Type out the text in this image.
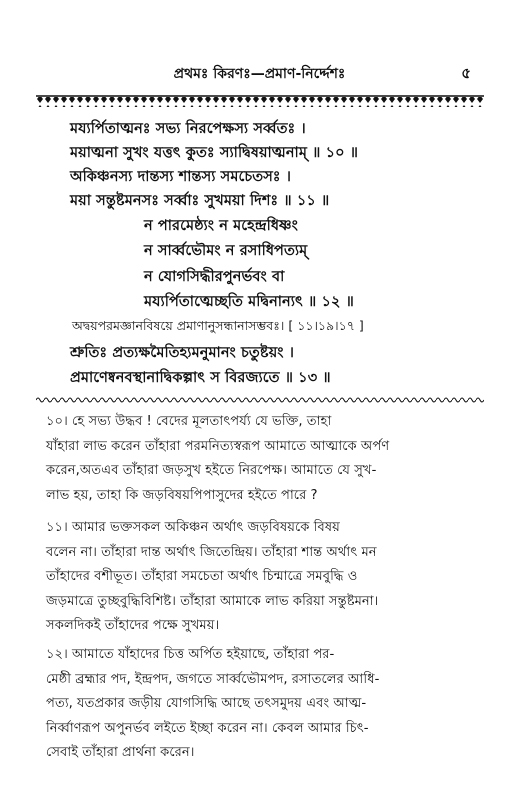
প্রথমঃ কিরণঃ—প্রমাণ-নির্দ্দেশঃ	৫

ময্যর্পিতাত্মনঃ সভ্য নিরপেক্ষস্য সর্ব্বতঃ ।

ময়াত্মনা সুখং যত্তৎ কুতঃ স্যাদ্বিষয়াত্মনাম্ ॥ ১০ ॥

অকিঞ্চনস্য দান্তস্য শান্তস্য সমচেতসঃ ।

ময়া সন্তুষ্টমনসঃ সর্ব্বাঃ সুখময়া দিশঃ ॥ ১১ ॥

ন পারমেষ্ঠ্যং ন মহেন্দ্রধিষ্ণং

ন সার্ব্বভৌমং ন রসাধিপত্যম্

ন যোগসিদ্ধীরপুনর্ভবং বা

ময্যর্পিতাত্মেচ্ছতি মদ্বিনান্যৎ ॥ ১২ ॥

অদ্বয়পরমজ্ঞানবিষয়ে প্রমাণানুসন্ধানাসম্ভবঃ। [ ১১।১৯।১৭ ]

শ্রুতিঃ প্রত্যক্ষমৈতিহ্যমনুমানং চতুষ্টয়ং ।

প্রমাণেষ্বনবস্থানাদ্বিকল্পাৎ স বিরজ্যতে ॥ ১৩ ॥

১০। হে সভ্য উদ্ধব ! বেদের মূলতাৎপর্য্য যে ভক্তি, তাহা
যাঁহারা লাভ করেন তাঁহারা পরমনিত্যস্বরূপ আমাতে আত্মাকে অর্পণ
করেন,অতএব তাঁহারা জড়সুখ হইতে নিরপেক্ষ। আমাতে যে সুখ-
লাভ হয়, তাহা কি জড়বিষয়পিপাসুদের হইতে পারে ?
১১। আমার ভক্তসকল অকিঞ্চন অর্থাৎ জড়বিষয়কে বিষয়
বলেন না। তাঁহারা দান্ত অর্থাৎ জিতেন্দ্রিয়। তাঁহারা শান্ত অর্থাৎ মন
তাঁহাদের বশীভূত। তাঁহারা সমচেতা অর্থাৎ চিন্মাত্রে সমবুদ্ধি ও
জড়মাত্রে তুচ্ছবুদ্ধিবিশিষ্ট। তাঁহারা আমাকে লাভ করিয়া সন্তুষ্টমনা।
সকলদিকই তাঁহাদের পক্ষে সুখময়।
১২। আমাতে যাঁহাদের চিত্ত অর্পিত হইয়াছে, তাঁহারা পর-
মেষ্ঠী ব্রহ্মার পদ, ইন্দ্রপদ, জগতে সার্ব্বভৌমপদ, রসাতলের আধি-
পত্য, যতপ্রকার জড়ীয় যোগসিদ্ধি আছে তৎসমুদয় এবং আত্ম-
নির্ব্বাণরূপ অপুনর্ভব লইতে ইচ্ছা করেন না। কেবল আমার চিৎ-
সেবাই তাঁহারা প্রার্থনা করেন।
